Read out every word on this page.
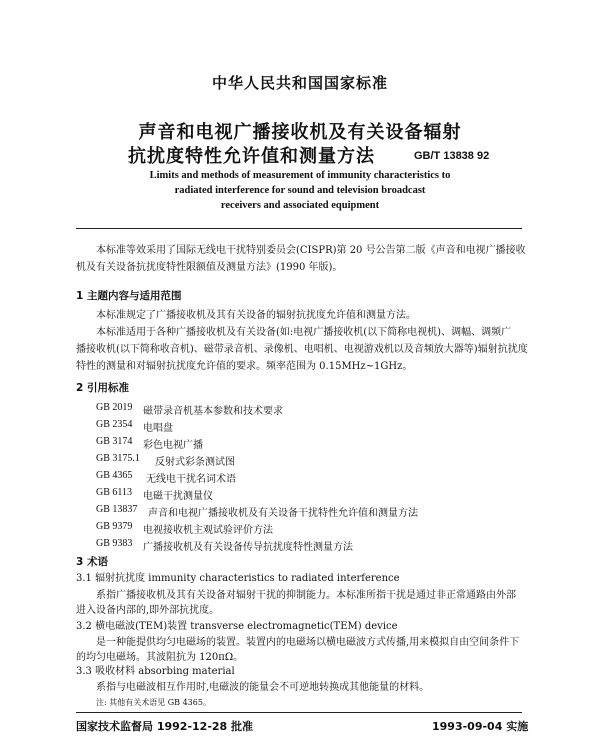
中华人民共和国国家标准
声音和电视广播接收机及有关设备辐射
抗扰度特性允许值和测量方法	GB/T 13838 92
Limits and methods of measurement of immunity characteristics to
radiated interference for sound and television broadcast
receivers and associated equipment
本标准等效采用了国际无线电干扰特别委员会(CISPR)第 20 号公告第二版《声音和电视广播接收
机及有关设备抗扰度特性限额值及测量方法》(1990 年版)。
1 主题内容与适用范围
本标准规定了广播接收机及其有关设备的辐射抗扰度允许值和测量方法。
本标准适用于各种广播接收机及有关设备(如:电视广播接收机(以下简称电视机)、调幅、调频广
播接收机(以下简称收音机)、磁带录音机、录像机、电唱机、电视游戏机以及音频放大器等)辐射抗扰度
特性的测量和对辐射抗扰度允许值的要求。频率范围为 0.15MHz~1GHz。
2 引用标准
GB 2019 磁带录音机基本参数和技术要求
GB 2354 电唱盘
GB 3174 彩色电视广播
GB 3175.1 反射式彩条测试图
GB 4365 无线电干扰名词术语
GB 6113 电磁干扰测量仪
GB 13837 声音和电视广播接收机及有关设备干扰特性允许值和测量方法
GB 9379 电视接收机主观试验评价方法
GB 9383 广播接收机及有关设备传导抗扰度特性测量方法
3 术语
3.1 辐射抗扰度 immunity characteristics to radiated interference
系指广播接收机及其有关设备对辐射干扰的抑制能力。本标准所指干扰是通过非正常通路由外部
进入设备内部的,即外部抗扰度。
3.2 横电磁波(TEM)装置 transverse electromagnetic(TEM) device
是一种能提供均匀电磁场的装置。装置内的电磁场以横电磁波方式传播,用来模拟自由空间条件下
的均匀电磁场。其波阻抗为 120πΩ。
3.3 吸收材料 absorbing material
系指与电磁波相互作用时,电磁波的能量会不可逆地转换成其他能量的材料。
注: 其他有关术语见 GB 4365。
国家技术监督局 1992-12-28 批准	1993-09-04 实施
